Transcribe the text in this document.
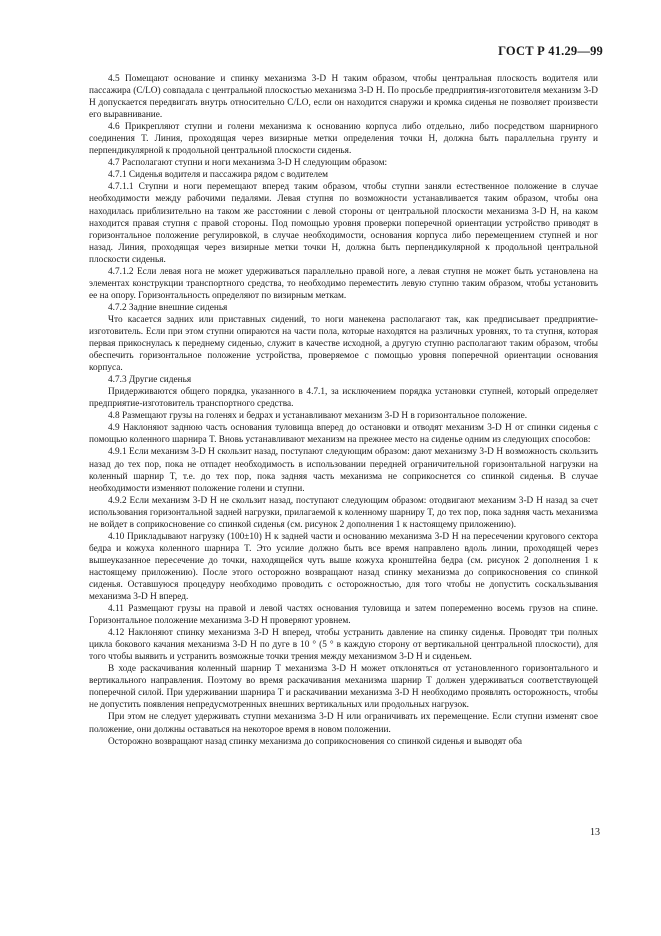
ГОСТ Р 41.29—99

4.5 Помещают основание и спинку механизма 3-D H таким образом, чтобы центральная плоскость водителя или пассажира (C/LO) совпадала с центральной плоскостью механизма 3-D H. По просьбе предприятия-изготовителя механизм 3-D H допускается передвигать внутрь относительно C/LO, если он находится снаружи и кромка сиденья не позволяет произвести его выравнивание.

4.6 Прикрепляют ступни и голени механизма к основанию корпуса либо отдельно, либо посредством шарнирного соединения T. Линия, проходящая через визирные метки определения точки H, должна быть параллельна грунту и перпендикулярной к продольной центральной плоскости сиденья.

4.7 Располагают ступни и ноги механизма 3-D H следующим образом:

4.7.1 Сиденья водителя и пассажира рядом с водителем

4.7.1.1 Ступни и ноги перемещают вперед таким образом, чтобы ступни заняли естественное положение в случае необходимости между рабочими педалями. Левая ступня по возможности устанавливается таким образом, чтобы она находилась приблизительно на таком же расстоянии с левой стороны от центральной плоскости механизма 3-D H, на каком находится правая ступня с правой стороны. Под помощью уровня проверки поперечной ориентации устройство приводят в горизонтальное положение регулировкой, в случае необходимости, основания корпуса либо перемещением ступней и ног назад. Линия, проходящая через визирные метки точки H, должна быть перпендикулярной к продольной центральной плоскости сиденья.

4.7.1.2 Если левая нога не может удерживаться параллельно правой ноге, а левая ступня не может быть установлена на элементах конструкции транспортного средства, то необходимо переместить левую ступню таким образом, чтобы установить ее на опору. Горизонтальность определяют по визирным меткам.

4.7.2 Задние внешние сиденья

Что касается задних или приставных сидений, то ноги манекена располагают так, как предписывает предприятие-изготовитель. Если при этом ступни опираются на части пола, которые находятся на различных уровнях, то та ступня, которая первая прикоснулась к переднему сиденью, служит в качестве исходной, а другую ступню располагают таким образом, чтобы обеспечить горизонтальное положение устройства, проверяемое с помощью уровня поперечной ориентации основания корпуса.

4.7.3 Другие сиденья

Придерживаются общего порядка, указанного в 4.7.1, за исключением порядка установки ступней, который определяет предприятие-изготовитель транспортного средства.

4.8 Размещают грузы на голенях и бедрах и устанавливают механизм 3-D H в горизонтальное положение.

4.9 Наклоняют заднюю часть основания туловища вперед до остановки и отводят механизм 3-D H от спинки сиденья с помощью коленного шарнира T. Вновь устанавливают механизм на прежнее место на сиденье одним из следующих способов:

4.9.1 Если механизм 3-D H скользит назад, поступают следующим образом: дают механизму 3-D H возможность скользить назад до тех пор, пока не отпадет необходимость в использовании передней ограничительной горизонтальной нагрузки на коленный шарнир T, т.е. до тех пор, пока задняя часть механизма не соприкоснется со спинкой сиденья. В случае необходимости изменяют положение голени и ступни.

4.9.2 Если механизм 3-D H не скользит назад, поступают следующим образом: отодвигают механизм 3-D H назад за счет использования горизонтальной задней нагрузки, прилагаемой к коленному шарниру T, до тех пор, пока задняя часть механизма не войдет в соприкосновение со спинкой сиденья (см. рисунок 2 дополнения 1 к настоящему приложению).

4.10 Прикладывают нагрузку (100±10) Н к задней части и основанию механизма 3-D H на пересечении кругового сектора бедра и кожуха коленного шарнира T. Это усилие должно быть все время направлено вдоль линии, проходящей через вышеуказанное пересечение до точки, находящейся чуть выше кожуха кронштейна бедра (см. рисунок 2 дополнения 1 к настоящему приложению). После этого осторожно возвращают назад спинку механизма до соприкосновения со спинкой сиденья. Оставшуюся процедуру необходимо проводить с осторожностью, для того чтобы не допустить соскальзывания механизма 3-D H вперед.

4.11 Размещают грузы на правой и левой частях основания туловища и затем попеременно восемь грузов на спине. Горизонтальное положение механизма 3-D H проверяют уровнем.

4.12 Наклоняют спинку механизма 3-D H вперед, чтобы устранить давление на спинку сиденья. Проводят три полных цикла бокового качания механизма 3-D H по дуге в 10 ° (5 ° в каждую сторону от вертикальной центральной плоскости), для того чтобы выявить и устранить возможные точки трения между механизмом 3-D H и сиденьем.

В ходе раскачивания коленный шарнир T механизма 3-D H может отклоняться от установленного горизонтального и вертикального направления. Поэтому во время раскачивания механизма шарнир T должен удерживаться соответствующей поперечной силой. При удерживании шарнира T и раскачивании механизма 3-D H необходимо проявлять осторожность, чтобы не допустить появления непредусмотренных внешних вертикальных или продольных нагрузок.

При этом не следует удерживать ступни механизма 3-D H или ограничивать их перемещение. Если ступни изменят свое положение, они должны оставаться на некоторое время в новом положении.

Осторожно возвращают назад спинку механизма до соприкосновения со спинкой сиденья и выводят оба

13
